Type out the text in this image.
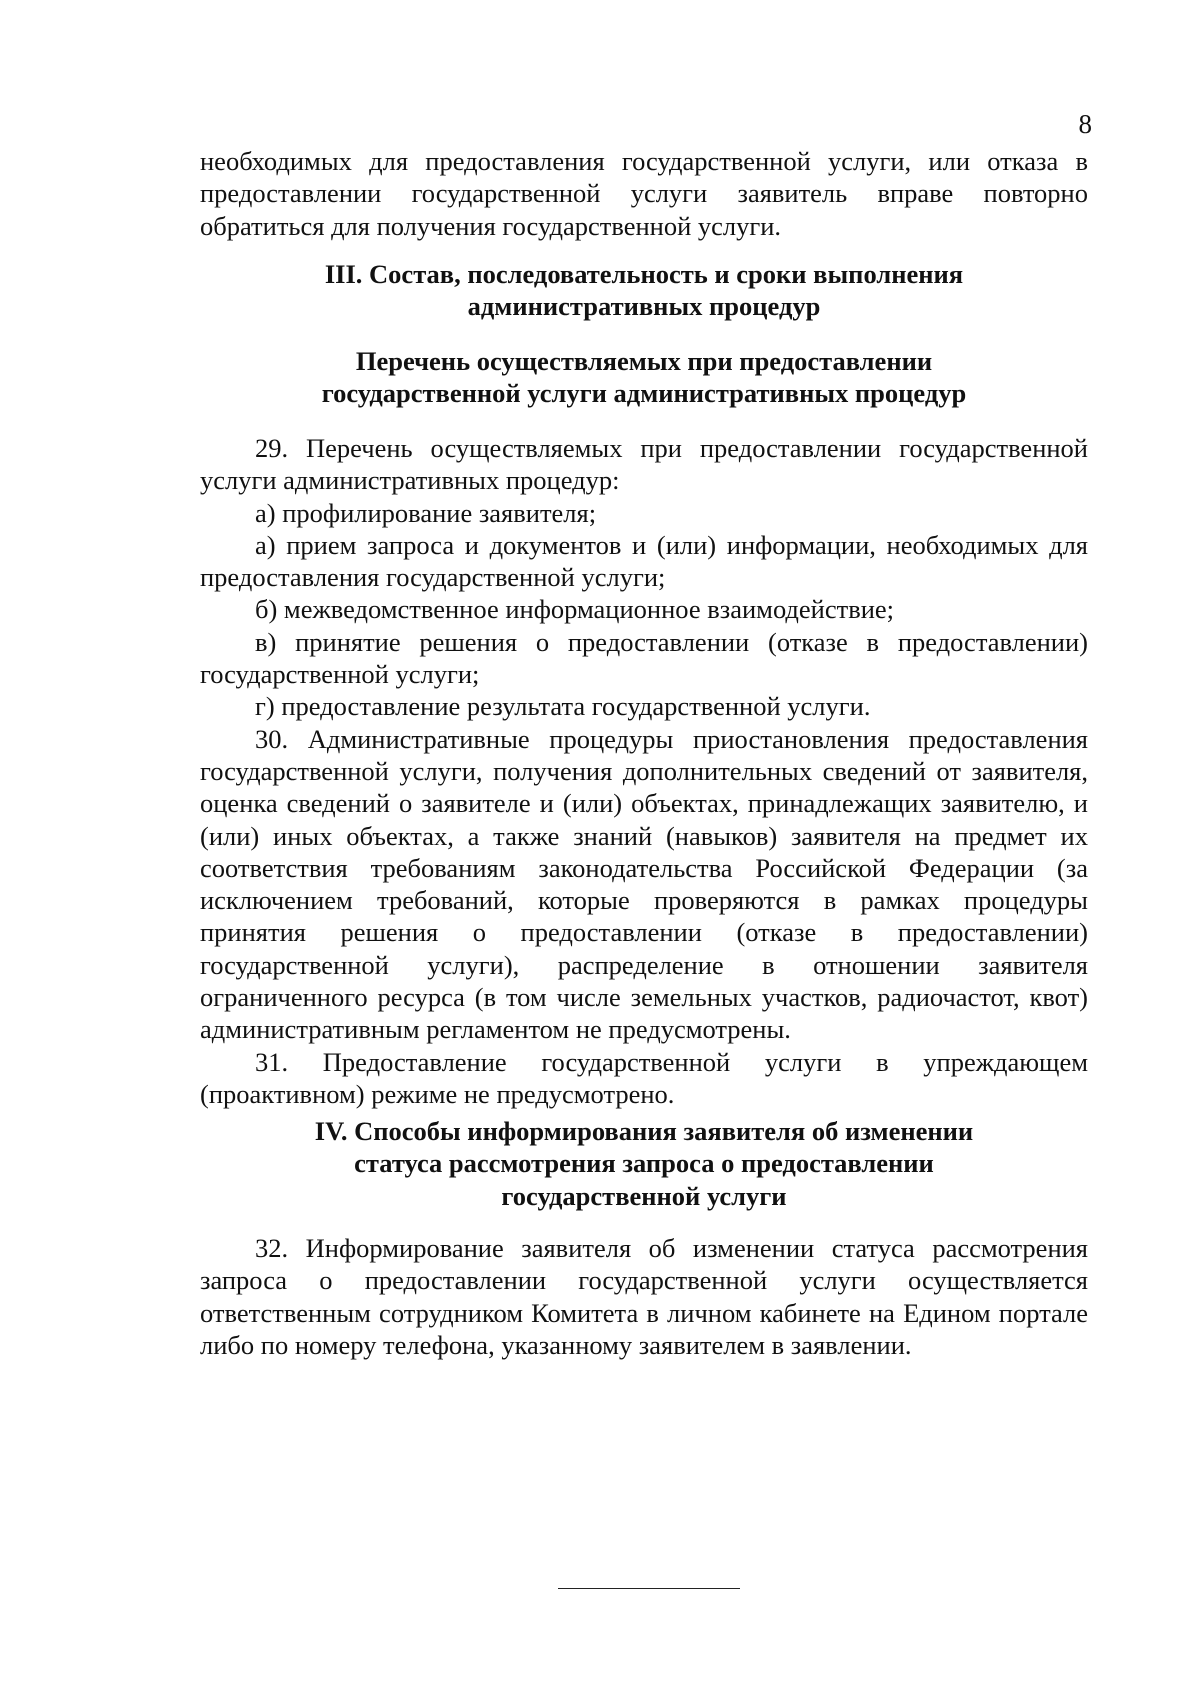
8

необходимых для предоставления государственной услуги, или отказа в предоставлении государственной услуги заявитель вправе повторно обратиться для получения государственной услуги.

III. Состав, последовательность и сроки выполнения
административных процедур
Перечень осуществляемых при предоставлении
государственной услуги административных процедур

29. Перечень осуществляемых при предоставлении государственной услуги административных процедур:

а) профилирование заявителя;

а) прием запроса и документов и (или) информации, необходимых для предоставления государственной услуги;

б) межведомственное информационное взаимодействие;

в) принятие решения о предоставлении (отказе в предоставлении) государственной услуги;

г) предоставление результата государственной услуги.

30. Административные процедуры приостановления предоставления государственной услуги, получения дополнительных сведений от заявителя, оценка сведений о заявителе и (или) объектах, принадлежащих заявителю, и (или) иных объектах, а также знаний (навыков) заявителя на предмет их соответствия требованиям законодательства Российской Федерации (за исключением требований, которые проверяются в рамках процедуры принятия решения о предоставлении (отказе в предоставлении) государственной услуги), распределение в отношении заявителя ограниченного ресурса (в том числе земельных участков, радиочастот, квот) административным регламентом не предусмотрены.

31. Предоставление государственной услуги в упреждающем (проактивном) режиме не предусмотрено.

IV. Способы информирования заявителя об изменении
статуса рассмотрения запроса о предоставлении
государственной услуги

32. Информирование заявителя об изменении статуса рассмотрения запроса о предоставлении государственной услуги осуществляется ответственным сотрудником Комитета в личном кабинете на Едином портале либо по номеру телефона, указанному заявителем в заявлении.
